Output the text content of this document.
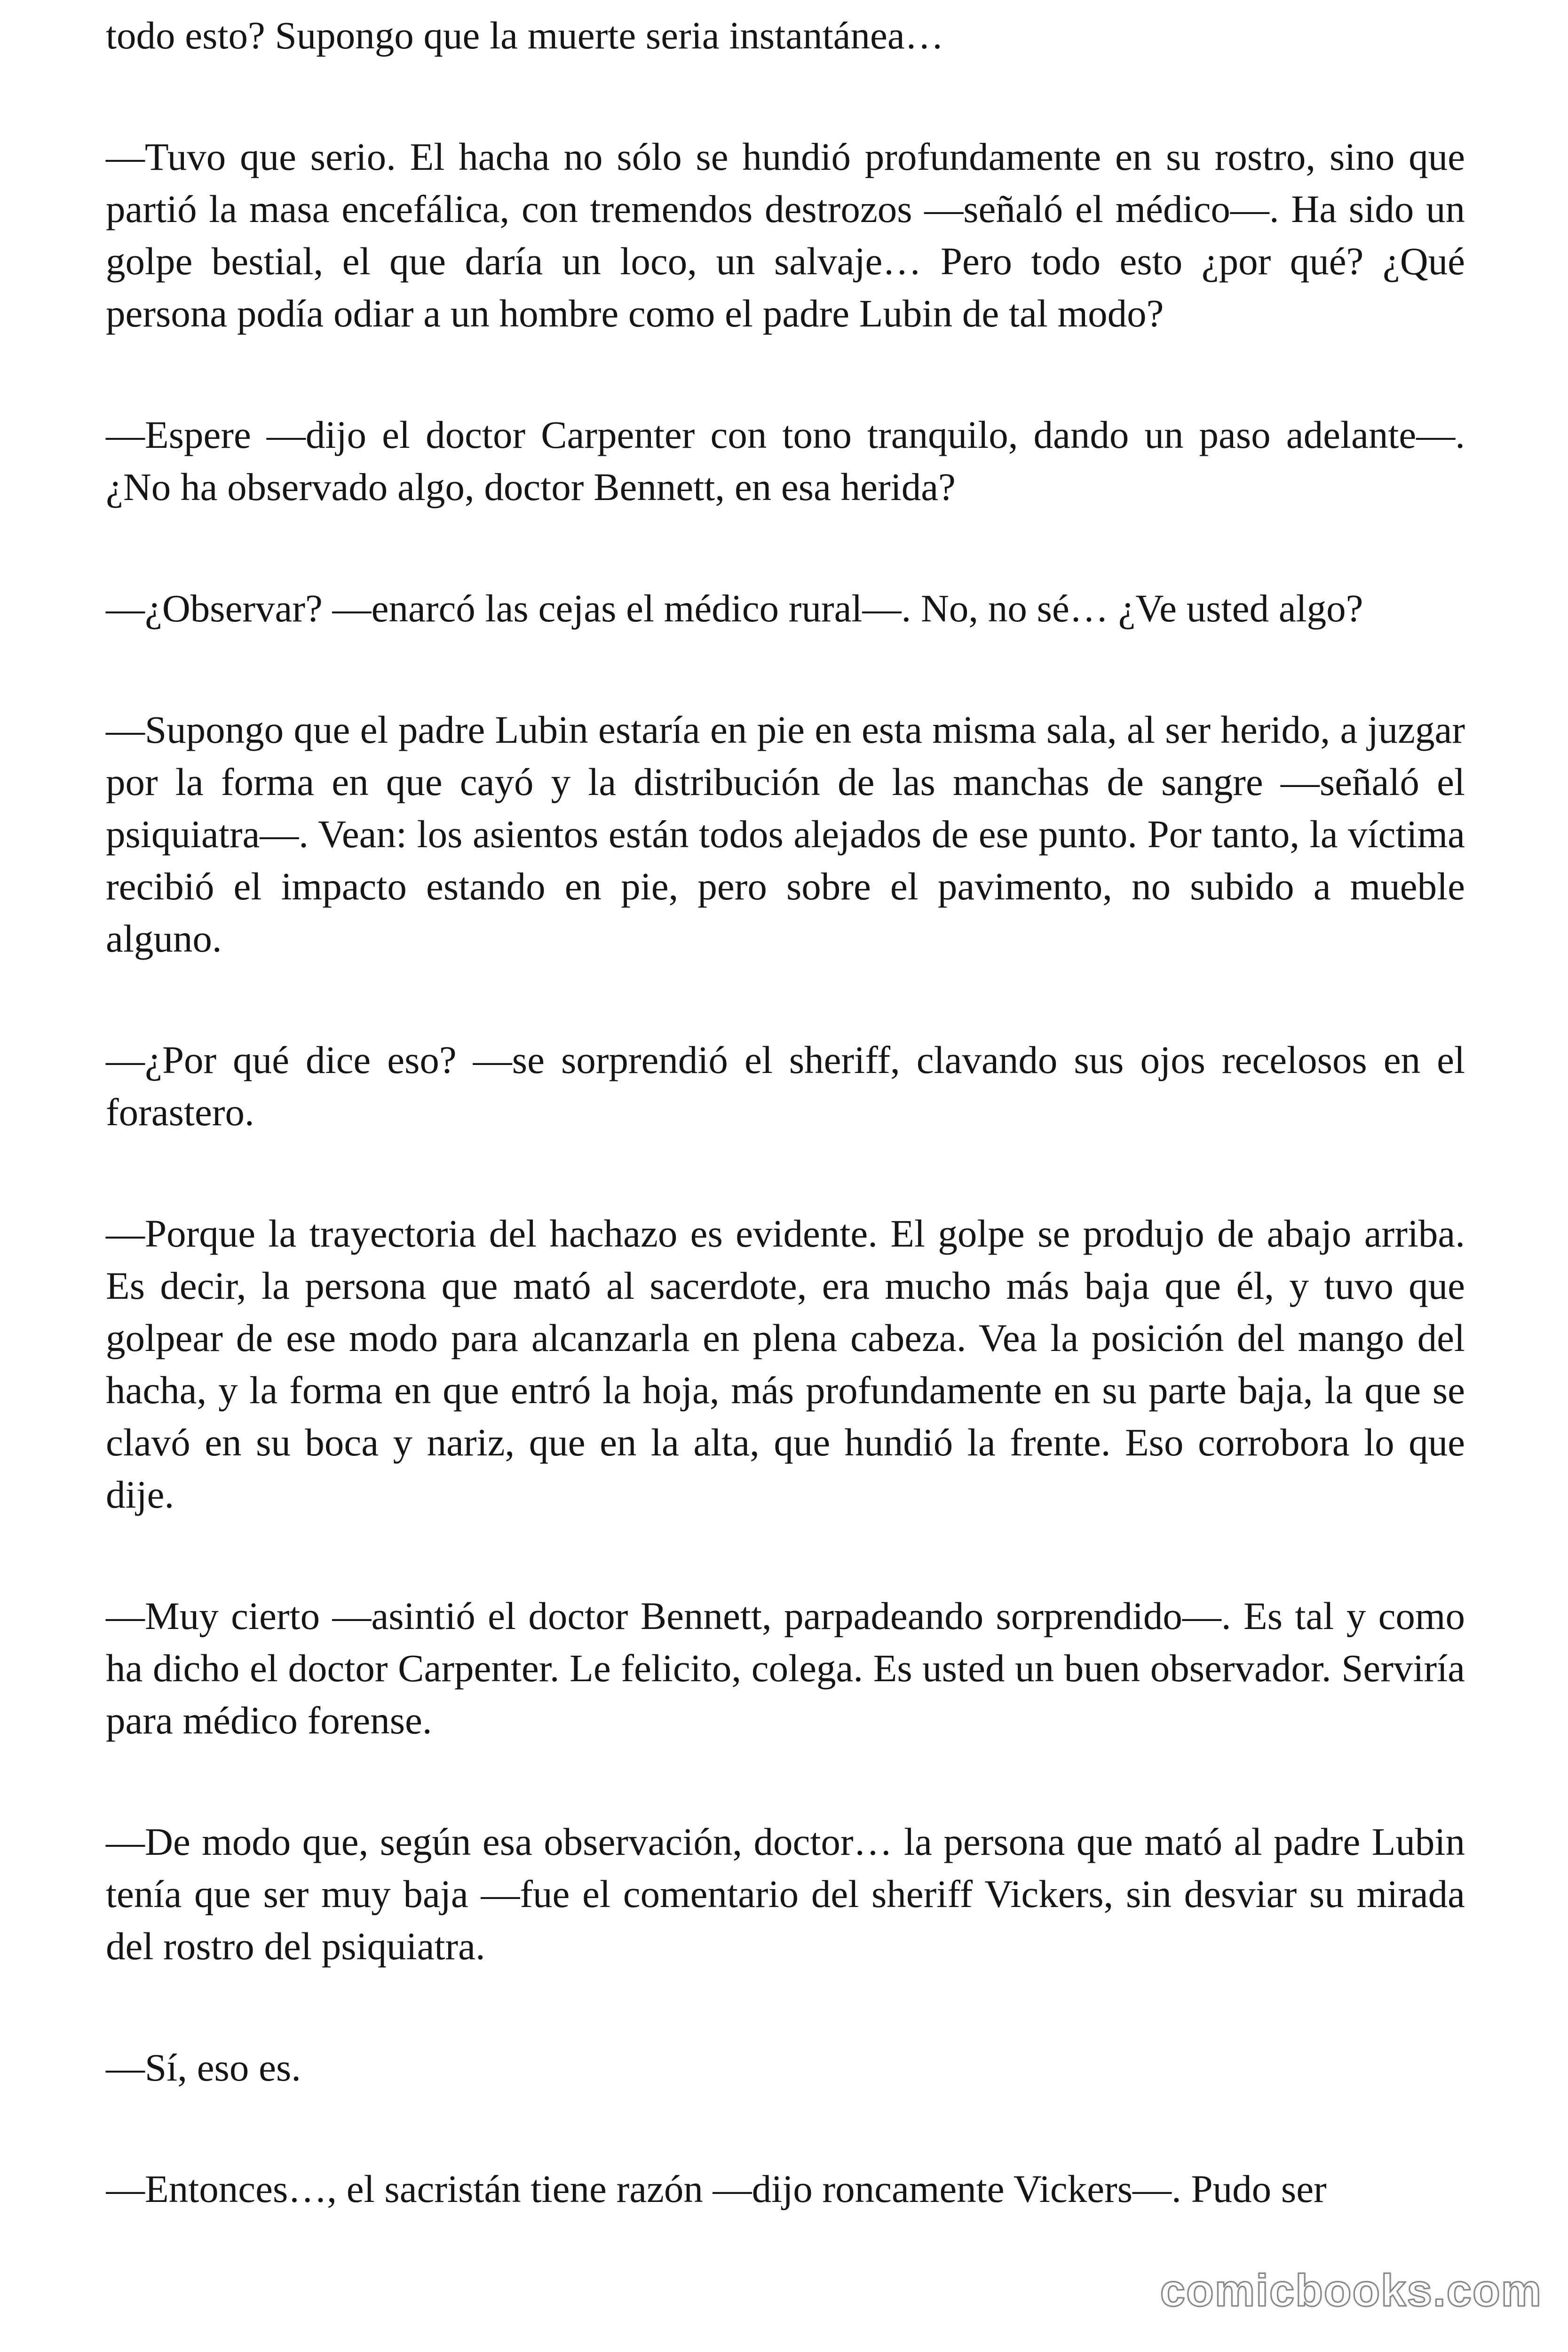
todo esto? Supongo que la muerte seria instantánea…

—Tuvo que serio. El hacha no sólo se hundió profundamente en su rostro, sino que partió la masa encefálica, con tremendos destrozos —señaló el médico—. Ha sido un golpe bestial, el que daría un loco, un salvaje… Pero todo esto ¿por qué? ¿Qué persona podía odiar a un hombre como el padre Lubin de tal modo?

—Espere —dijo el doctor Carpenter con tono tranquilo, dando un paso adelante—. ¿No ha observado algo, doctor Bennett, en esa herida?

—¿Observar? —enarcó las cejas el médico rural—. No, no sé… ¿Ve usted algo?

—Supongo que el padre Lubin estaría en pie en esta misma sala, al ser herido, a juzgar por la forma en que cayó y la distribución de las manchas de sangre —señaló el psiquiatra—. Vean: los asientos están todos alejados de ese punto. Por tanto, la víctima recibió el impacto estando en pie, pero sobre el pavimento, no subido a mueble alguno.

—¿Por qué dice eso? —se sorprendió el sheriff, clavando sus ojos recelosos en el forastero.

—Porque la trayectoria del hachazo es evidente. El golpe se produjo de abajo arriba. Es decir, la persona que mató al sacerdote, era mucho más baja que él, y tuvo que golpear de ese modo para alcanzarla en plena cabeza. Vea la posición del mango del hacha, y la forma en que entró la hoja, más profundamente en su parte baja, la que se clavó en su boca y nariz, que en la alta, que hundió la frente. Eso corrobora lo que dije.

—Muy cierto —asintió el doctor Bennett, parpadeando sorprendido—. Es tal y como ha dicho el doctor Carpenter. Le felicito, colega. Es usted un buen observador. Serviría para médico forense.

—De modo que, según esa observación, doctor… la persona que mató al padre Lubin tenía que ser muy baja —fue el comentario del sheriff Vickers, sin desviar su mirada del rostro del psiquiatra.

—Sí, eso es.

—Entonces…, el sacristán tiene razón —dijo roncamente Vickers—. Pudo ser

comicbooks.com
